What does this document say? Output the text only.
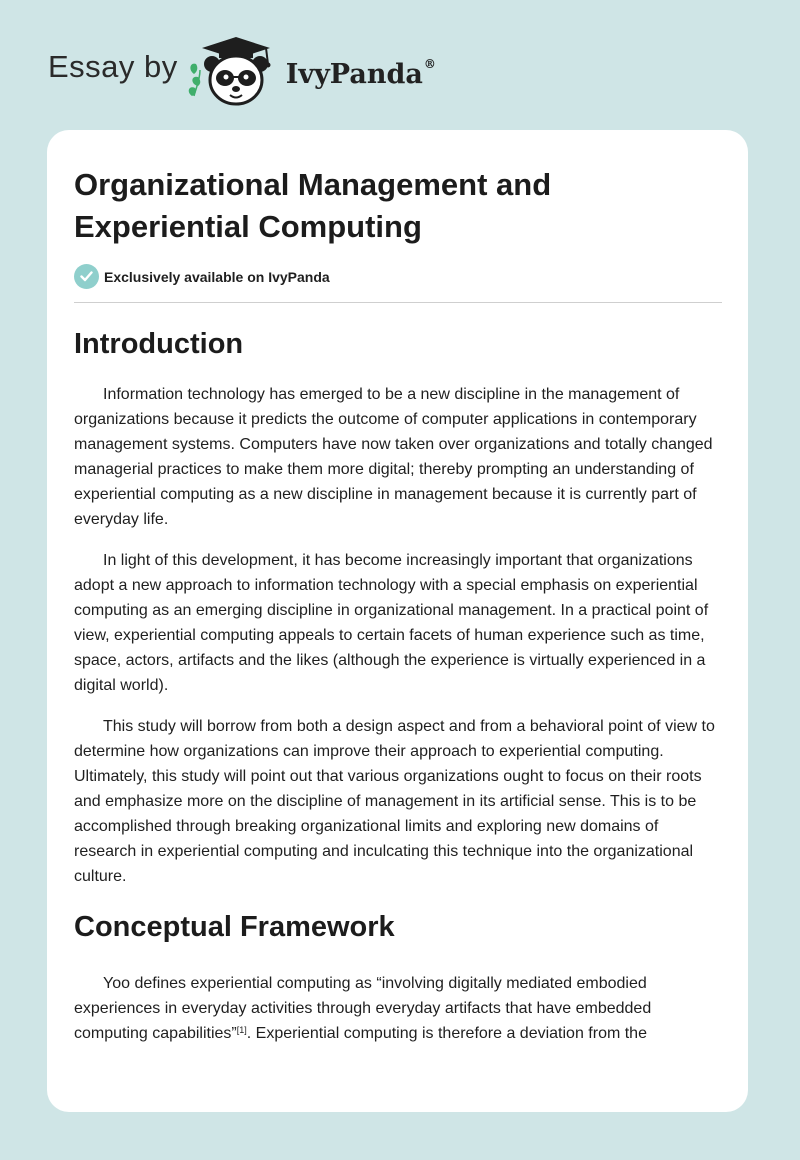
Essay by	IvyPanda®
Organizational Management and Experiential Computing
Exclusively available on IvyPanda
Introduction

Information technology has emerged to be a new discipline in the management of organizations because it predicts the outcome of computer applications in contemporary management systems. Computers have now taken over organizations and totally changed managerial practices to make them more digital; thereby prompting an understanding of experiential computing as a new discipline in management because it is currently part of everyday life.

In light of this development, it has become increasingly important that organizations adopt a new approach to information technology with a special emphasis on experiential computing as an emerging discipline in organizational management. In a practical point of view, experiential computing appeals to certain facets of human experience such as time, space, actors, artifacts and the likes (although the experience is virtually experienced in a digital world).

This study will borrow from both a design aspect and from a behavioral point of view to determine how organizations can improve their approach to experiential computing. Ultimately, this study will point out that various organizations ought to focus on their roots and emphasize more on the discipline of management in its artificial sense. This is to be accomplished through breaking organizational limits and exploring new domains of research in experiential computing and inculcating this technique into the organizational culture.

Conceptual Framework

Yoo defines experiential computing as “involving digitally mediated embodied experiences in everyday activities through everyday artifacts that have embedded computing capabilities”[1]. Experiential computing is therefore a deviation from the
